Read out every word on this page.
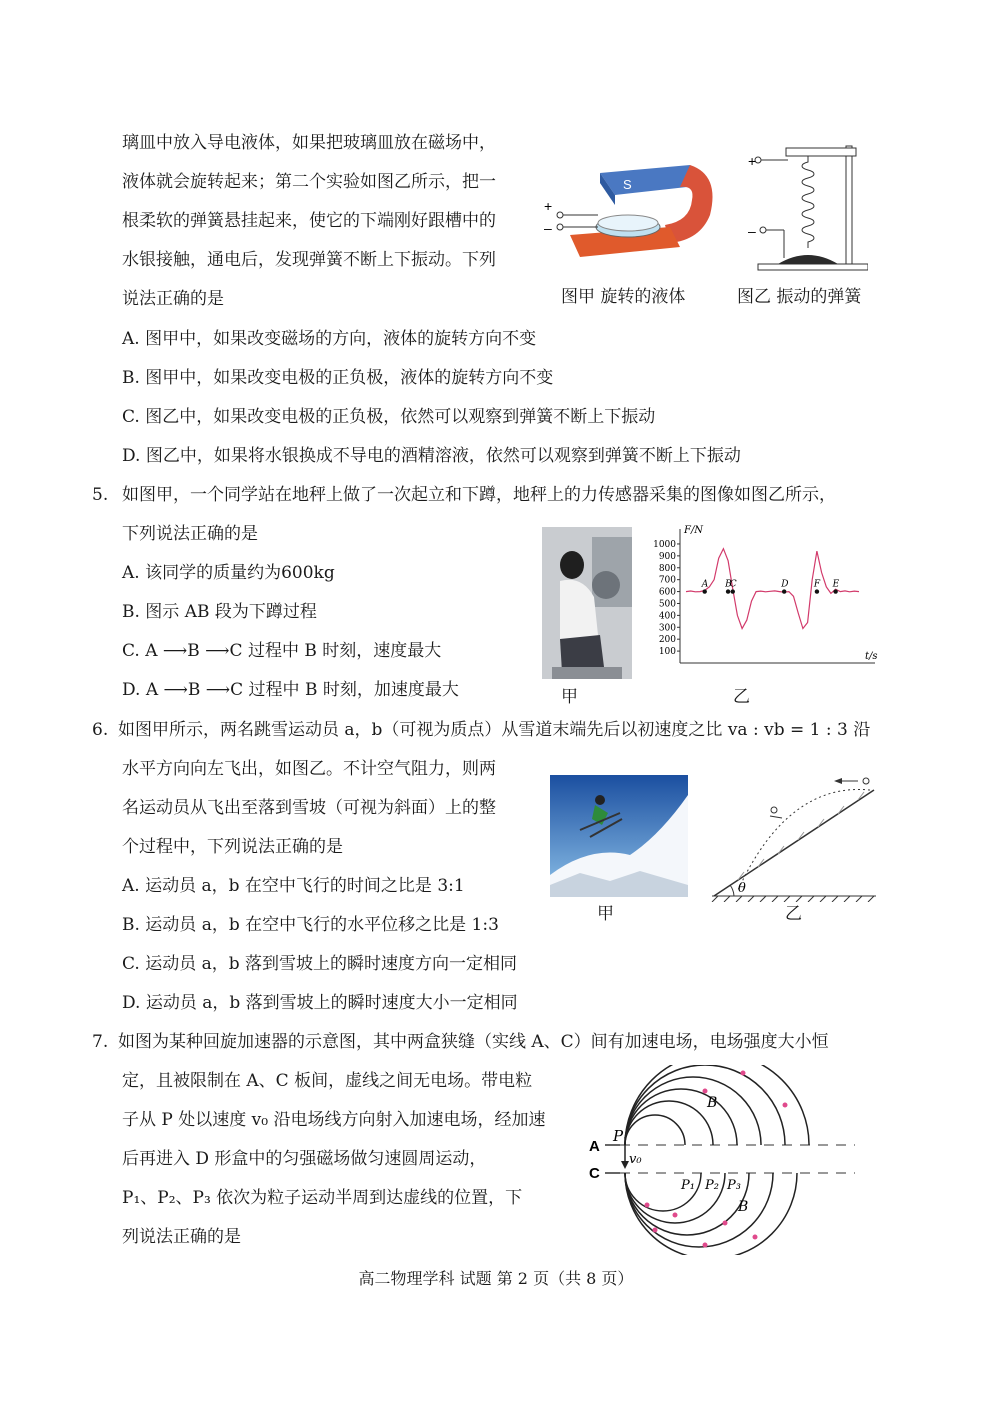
璃皿中放入导电液体，如果把玻璃皿放在磁场中，
液体就会旋转起来；第二个实验如图乙所示，把一
根柔软的弹簧悬挂起来，使它的下端刚好跟槽中的
水银接触，通电后，发现弹簧不断上下振动。下列
说法正确的是
S
+
–
图甲 旋转的液体
+
–
图乙 振动的弹簧
A. 图甲中，如果改变磁场的方向，液体的旋转方向不变
B. 图甲中，如果改变电极的正负极，液体的旋转方向不变
C. 图乙中，如果改变电极的正负极，依然可以观察到弹簧不断上下振动
D. 图乙中，如果将水银换成不导电的酒精溶液，依然可以观察到弹簧不断上下振动
5. 如图甲，一个同学站在地秤上做了一次起立和下蹲，地秤上的力传感器采集的图像如图乙所示，
下列说法正确的是
A. 该同学的质量约为600kg
B. 图示 AB 段为下蹲过程
C. A ⟶B ⟶C 过程中 B 时刻，速度最大
D. A ⟶B ⟶C 过程中 B 时刻，加速度最大	甲
F/N
t/s
100
200
300
400
500
600
700
800
900
1000
A B
C	D	F E
乙
6. 如图甲所示，两名跳雪运动员 a，b（可视为质点）从雪道末端先后以初速度之比 va : vb = 1 : 3 沿
水平方向向左飞出，如图乙。不计空气阻力，则两
名运动员从飞出至落到雪坡（可视为斜面）上的整
个过程中，下列说法正确的是
A. 运动员 a，b 在空中飞行的时间之比是 3:1
B. 运动员 a，b 在空中飞行的水平位移之比是 1:3
C. 运动员 a，b 落到雪坡上的瞬时速度方向一定相同
D. 运动员 a，b 落到雪坡上的瞬时速度大小一定相同
甲
θ
乙
7. 如图为某种回旋加速器的示意图，其中两盒狭缝（实线 A、C）间有加速电场，电场强度大小恒
定，且被限制在 A、C 板间，虚线之间无电场。带电粒
子从 P 处以速度 v₀ 沿电场线方向射入加速电场，经加速
后再进入 D 形盒中的匀强磁场做匀速圆周运动，
P₁、P₂、P₃ 依次为粒子运动半周到达虚线的位置，下
列说法正确的是
A
C
P
v₀
B
P₁ P₂ P₃
B
高二物理学科 试题 第 2 页（共 8 页）
